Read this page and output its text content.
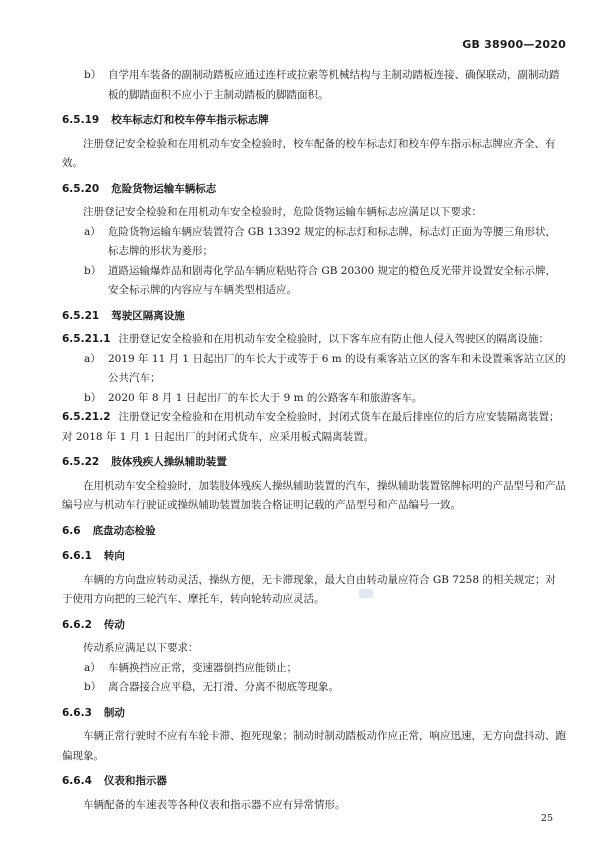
GB 38900—2020
b） 自学用车装备的副制动踏板应通过连杆或拉索等机械结构与主制动踏板连接、确保联动，副制动踏板的脚踏面积不应小于主制动踏板的脚踏面积。

6.5.19 校车标志灯和校车停车指示标志牌

注册登记安全检验和在用机动车安全检验时，校车配备的校车标志灯和校车停车指示标志牌应齐全、有效。

6.5.20 危险货物运输车辆标志

注册登记安全检验和在用机动车安全检验时，危险货物运输车辆标志应满足以下要求：

a） 危险货物运输车辆应装置符合 GB 13392 规定的标志灯和标志牌，标志灯正面为等腰三角形状，标志牌的形状为菱形；
b） 道路运输爆炸品和剧毒化学品车辆应粘贴符合 GB 20300 规定的橙色反光带并设置安全标示牌，安全标示牌的内容应与车辆类型相适应。

6.5.21 驾驶区隔离设施

6.5.21.1 注册登记安全检验和在用机动车安全检验时，以下客车应有防止他人侵入驾驶区的隔离设施：

a） 2019 年 11 月 1 日起出厂的车长大于或等于 6 m 的设有乘客站立区的客车和未设置乘客站立区的公共汽车；
b） 2020 年 8 月 1 日起出厂的车长大于 9 m 的公路客车和旅游客车。

6.5.21.2 注册登记安全检验和在用机动车安全检验时，封闭式货车在最后排座位的后方应安装隔离装置；对 2018 年 1 月 1 日起出厂的封闭式货车，应采用板式隔离装置。

6.5.22 肢体残疾人操纵辅助装置

在用机动车安全检验时，加装肢体残疾人操纵辅助装置的汽车，操纵辅助装置铭牌标明的产品型号和产品编号应与机动车行驶证或操纵辅助装置加装合格证明记载的产品型号和产品编号一致。

6.6 底盘动态检验

6.6.1 转向

车辆的方向盘应转动灵活，操纵方便，无卡滞现象，最大自由转动量应符合 GB 7258 的相关规定；对于使用方向把的三轮汽车、摩托车，转向轮转动应灵活。

6.6.2 传动

传动系应满足以下要求：

a） 车辆换挡应正常，变速器倒挡应能锁止；
b） 离合器接合应平稳，无打滑、分离不彻底等现象。

6.6.3 制动

车辆正常行驶时不应有车轮卡滞、抱死现象；制动时制动踏板动作应正常，响应迅速，无方向盘抖动、跑偏现象。

6.6.4 仪表和指示器

车辆配备的车速表等各种仪表和指示器不应有异常情形。

25
